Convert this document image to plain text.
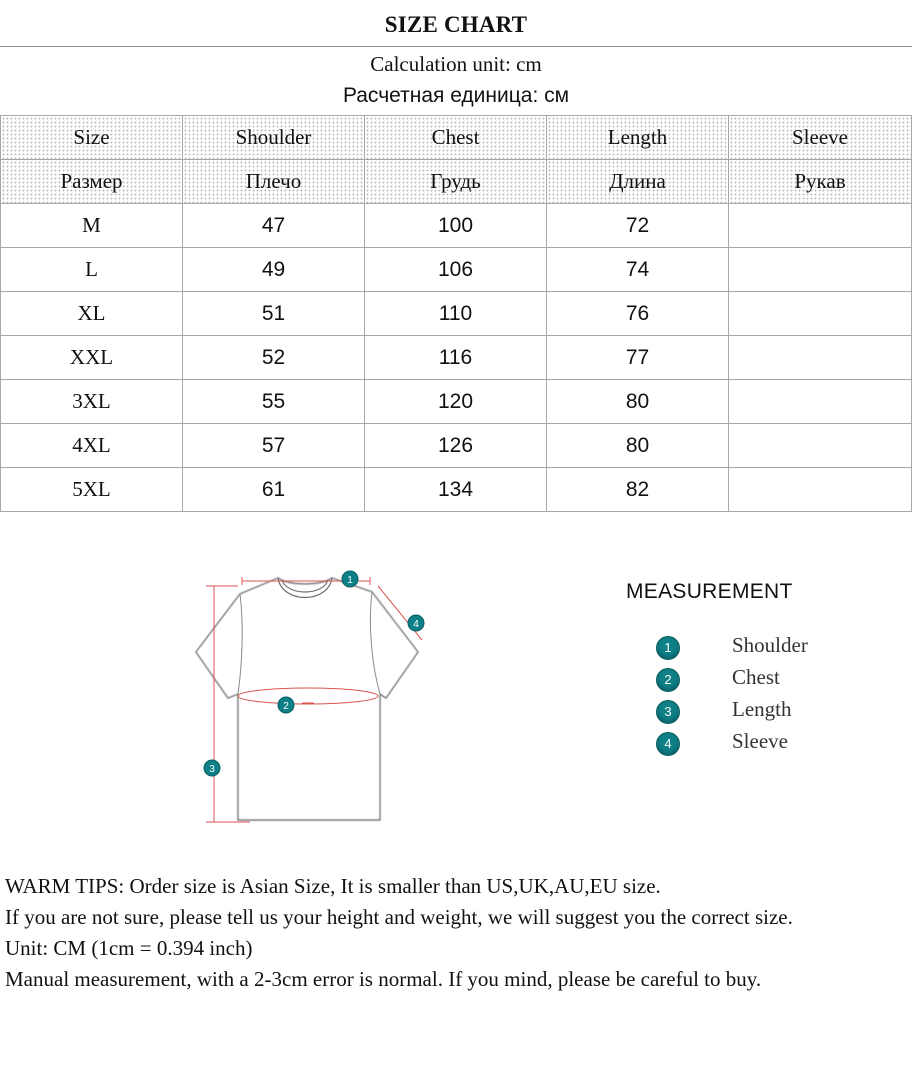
SIZE CHART
Calculation unit: cm
Расчетная единица: см
Size	Shoulder	Chest	Length	Sleeve
Размер	Плечо	Грудь	Длина	Рукав
M	47	100	72	
L	49	106	74	
XL	51	110	76	
XXL	52	116	77	
3XL	55	120	80	
4XL	57	126	80	
5XL	61	134	82	
1
2
3
4
MEASUREMENT
1	Shoulder
2	Chest
3	Length
4	Sleeve
WARM TIPS: Order size is Asian Size, It is smaller than US,UK,AU,EU size.
If you are not sure, please tell us your height and weight, we will suggest you the correct size.
Unit: CM (1cm = 0.394 inch)
Manual measurement, with a 2-3cm error is normal. If you mind, please be careful to buy.
